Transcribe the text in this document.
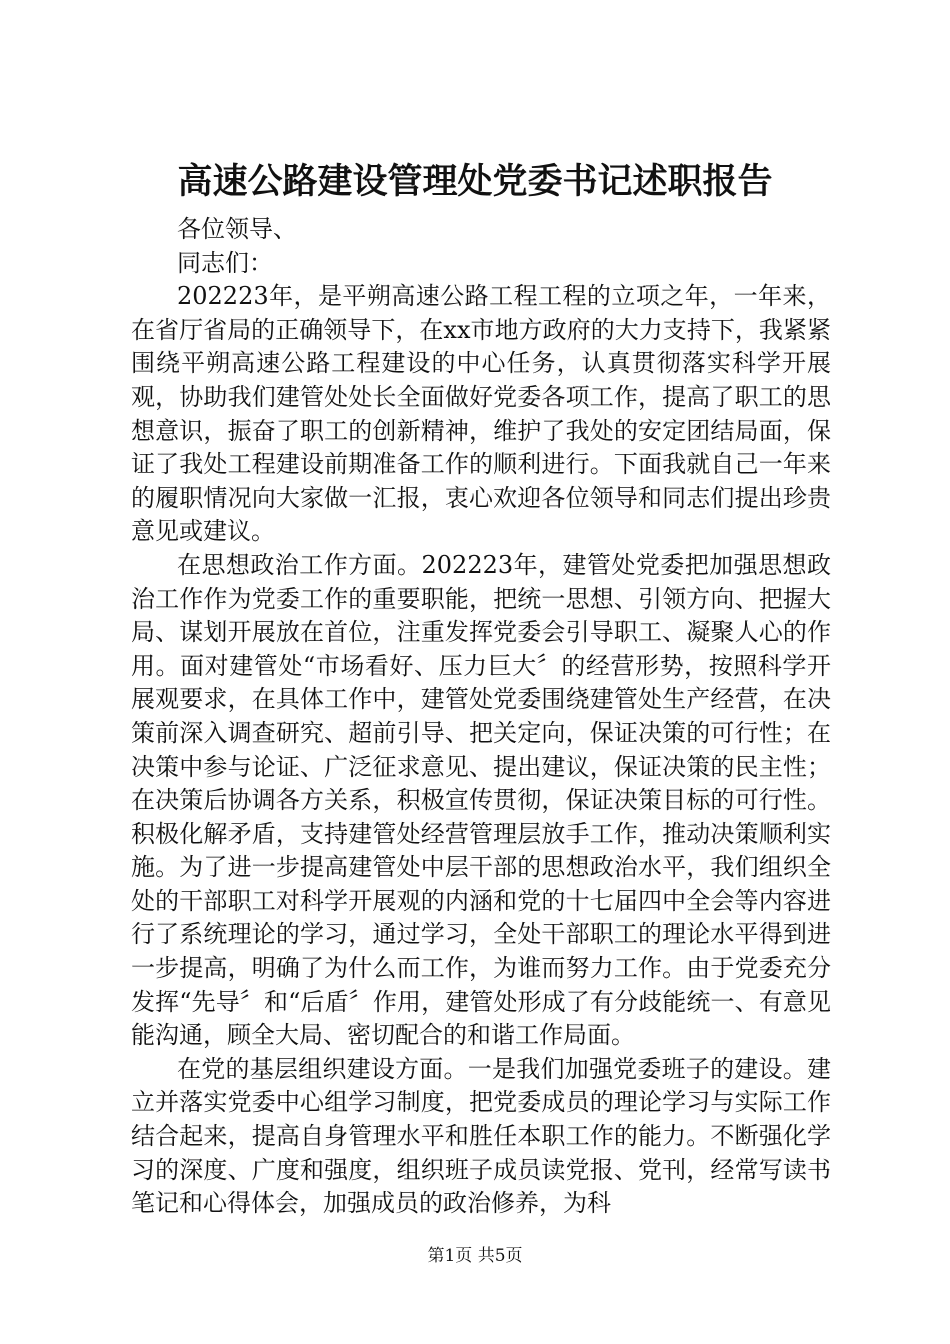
高速公路建设管理处党委书记述职报告

各位领导、

同志们：

202223年，是平朔高速公路工程工程的立项之年，一年来，在省厅省局的正确领导下，在xx市地方政府的大力支持下，我紧紧围绕平朔高速公路工程建设的中心任务，认真贯彻落实科学开展观，协助我们建管处处长全面做好党委各项工作，提高了职工的思想意识，振奋了职工的创新精神，维护了我处的安定团结局面，保证了我处工程建设前期准备工作的顺利进行。下面我就自己一年来的履职情况向大家做一汇报，衷心欢迎各位领导和同志们提出珍贵意见或建议。

在思想政治工作方面。202223年，建管处党委把加强思想政治工作作为党委工作的重要职能，把统一思想、引领方向、把握大局、谋划开展放在首位，注重发挥党委会引导职工、凝聚人心的作用。面对建管处“市场看好、压力巨大〞的经营形势，按照科学开展观要求，在具体工作中，建管处党委围绕建管处生产经营，在决策前深入调查研究、超前引导、把关定向，保证决策的可行性；在决策中参与论证、广泛征求意见、提出建议，保证决策的民主性；在决策后协调各方关系，积极宣传贯彻，保证决策目标的可行性。积极化解矛盾，支持建管处经营管理层放手工作，推动决策顺利实施。为了进一步提高建管处中层干部的思想政治水平，我们组织全处的干部职工对科学开展观的内涵和党的十七届四中全会等内容进行了系统理论的学习，通过学习，全处干部职工的理论水平得到进一步提高，明确了为什么而工作，为谁而努力工作。由于党委充分发挥“先导〞和“后盾〞作用，建管处形成了有分歧能统一、有意见能沟通，顾全大局、密切配合的和谐工作局面。

在党的基层组织建设方面。一是我们加强党委班子的建设。建立并落实党委中心组学习制度，把党委成员的理论学习与实际工作结合起来，提高自身管理水平和胜任本职工作的能力。不断强化学习的深度、广度和强度，组织班子成员读党报、党刊，经常写读书笔记和心得体会，加强成员的政治修养，为科

第1页 共5页
